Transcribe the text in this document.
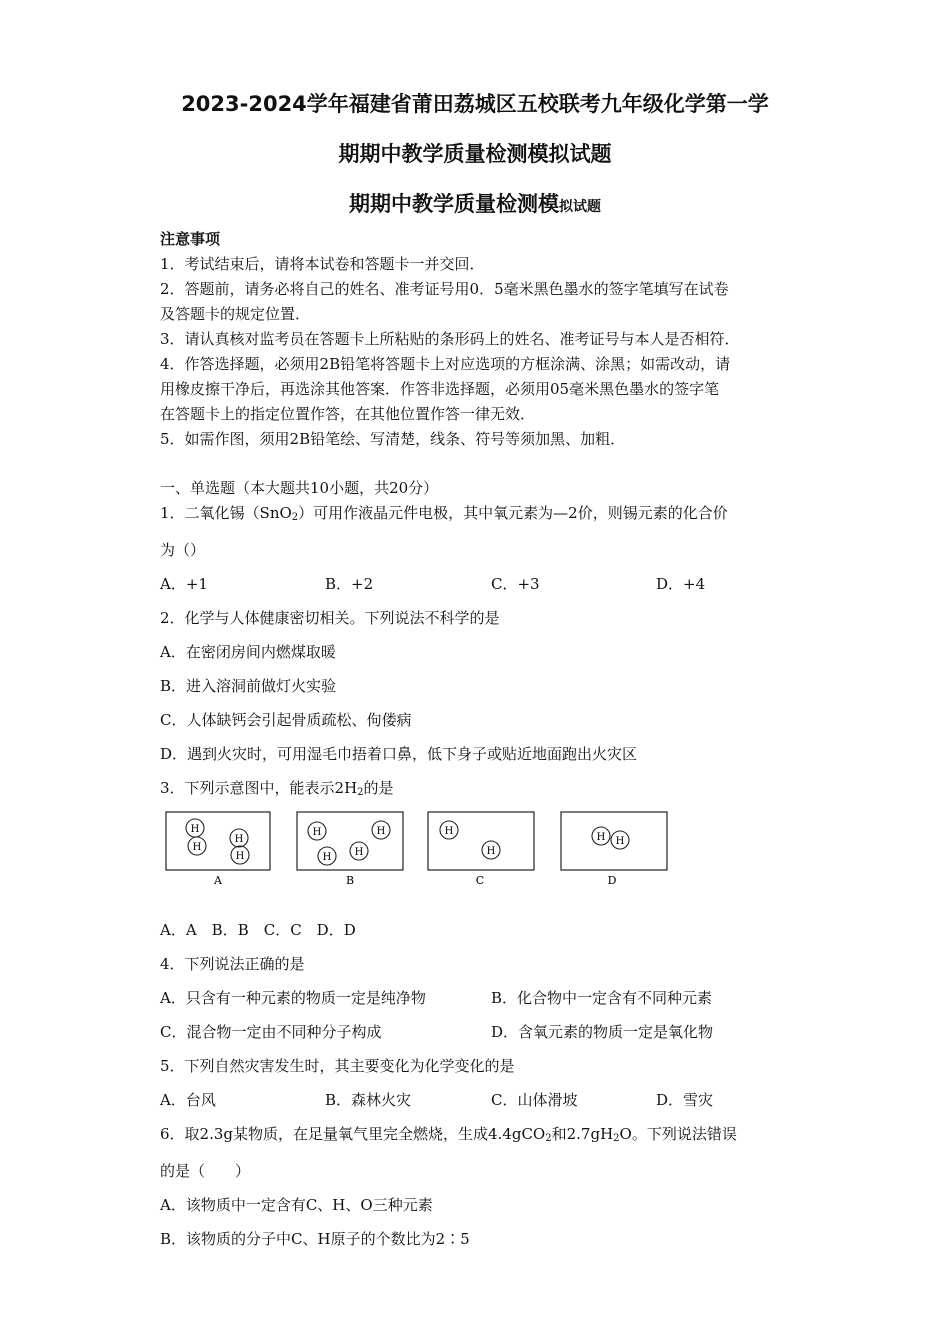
2023-2024学年福建省莆田荔城区五校联考九年级化学第一学
期期中教学质量检测模拟试题
期期中教学质量检测模拟试题
注意事项
1．考试结束后，请将本试卷和答题卡一并交回．
2．答题前，请务必将自己的姓名、准考证号用0．5毫米黑色墨水的签字笔填写在试卷
及答题卡的规定位置．
3．请认真核对监考员在答题卡上所粘贴的条形码上的姓名、准考证号与本人是否相符．
4．作答选择题，必须用2B铅笔将答题卡上对应选项的方框涂满、涂黑；如需改动，请
用橡皮擦干净后，再选涂其他答案．作答非选择题，必须用05毫米黑色墨水的签字笔
在答题卡上的指定位置作答，在其他位置作答一律无效．
5．如需作图，须用2B铅笔绘、写清楚，线条、符号等须加黑、加粗．
一、单选题（本大题共10小题，共20分）
1．二氧化锡（SnO$_2$）可用作液晶元件电极，其中氧元素为—2价，则锡元素的化合价
为（）
A．+1	B．+2	C．+3	D．+4
2．化学与人体健康密切相关。下列说法不科学的是
A．在密闭房间内燃煤取暖
B．进入溶洞前做灯火实验
C．人体缺钙会引起骨质疏松、佝偻病
D．遇到火灾时，可用湿毛巾捂着口鼻，低下身子或贴近地面跑出火灾区
3．下列示意图中，能表示$2H_2$的是
H
H
H
H
A
H	H
H H
B
H
H
C
H H
D
A．A　B．B　C．C　D．D
4．下列说法正确的是
A．只含有一种元素的物质一定是纯净物	B．化合物中一定含有不同种元素
C．混合物一定由不同种分子构成	D．含氧元素的物质一定是氧化物
5．下列自然灾害发生时，其主要变化为化学变化的是
A．台风	B．森林火灾	C．山体滑坡	D．雪灾
6．取2.3g某物质，在足量氧气里完全燃烧，生成4.4gCO$_2$和$2.7gH_2O$。下列说法错误
的是（　　）
A．该物质中一定含有C、H、O三种元素
B．该物质的分子中C、H原子的个数比为2∶5
